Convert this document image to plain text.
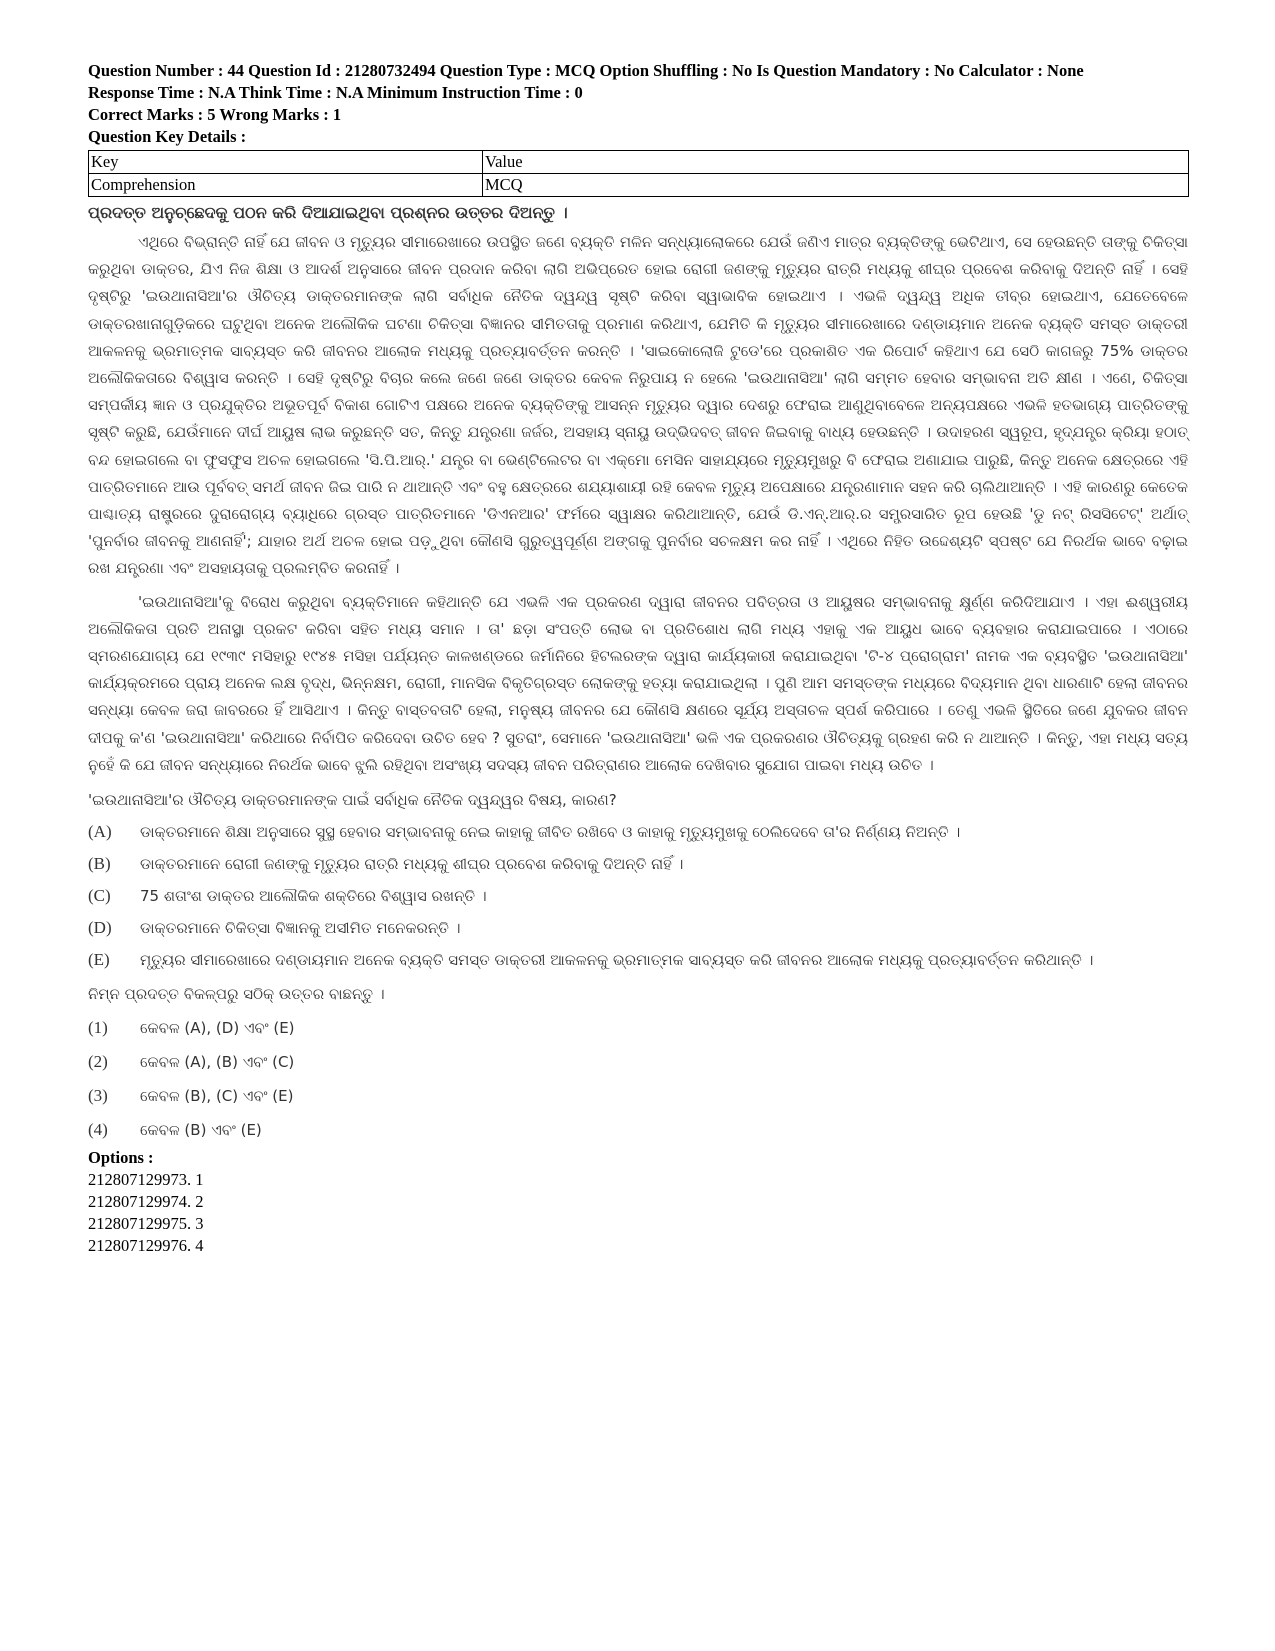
Question Number : 44 Question Id : 21280732494 Question Type : MCQ Option Shuffling : No Is Question Mandatory : No Calculator : None
Response Time : N.A Think Time : N.A Minimum Instruction Time : 0
Correct Marks : 5 Wrong Marks : 1
Question Key Details :
Key	Value
Comprehension	MCQ
ପ୍ରଦତ୍ତ ଅନୁଚ୍ଛେଦକୁ ପଠନ କରି ଦିଆଯାଇଥିବା ପ୍ରଶ୍ନର ଉତ୍ତର ଦିଅନ୍ତୁ ।

ଏଥିରେ ବିଭ୍ରାନ୍ତି ନାହିଁ ଯେ ଜୀବନ ଓ ମୃତ୍ୟୁର ସୀମାରେଖାରେ ଉପସ୍ଥିତ ଜଣେ ବ୍ୟକ୍ତି ମଳିନ ସନ୍ଧ୍ୟାଲୋକରେ ଯେଉଁ ଜଣିଏ ମାତ୍ର ବ୍ୟକ୍ତିଙ୍କୁ ଭେଟିଥାଏ, ସେ ହେଉଛନ୍ତି ତାଙ୍କୁ ଚିକିତ୍ସା କରୁଥିବା ଡାକ୍ତର, ଯିଏ ନିଜ ଶିକ୍ଷା ଓ ଆଦର୍ଶ ଅନୁସାରେ ଜୀବନ ପ୍ରଦାନ କରିବା ଲାଗି ଅଭିପ୍ରେତ ହୋଇ ରୋଗୀ ଜଣଙ୍କୁ ମୃତ୍ୟୁର ରାତ୍ରି ମଧ୍ୟକୁ ଶୀଘ୍ର ପ୍ରବେଶ କରିବାକୁ ଦିଅନ୍ତି ନାହିଁ । ସେହି ଦୃଷ୍ଟିରୁ 'ଇଉଥାନାସିଆ'ର ଔଚିତ୍ୟ ଡାକ୍ତରମାନଙ୍କ ଲାଗି ସର୍ବାଧିକ ନୈତିକ ଦ୍ୱନ୍ଦ୍ୱ ସୃଷ୍ଟି କରିବା ସ୍ୱାଭାବିକ ହୋଇଥାଏ । ଏଭଳି ଦ୍ୱନ୍ଦ୍ୱ ଅଧିକ ତୀବ୍ର ହୋଇଥାଏ, ଯେତେବେଳେ ଡାକ୍ତରଖାନାଗୁଡ଼ିକରେ ଘଟୁଥିବା ଅନେକ ଅଲୌକିକ ଘଟଣା ଚିକିତ୍ସା ବିଜ୍ଞାନର ସୀମିତତାକୁ ପ୍ରମାଣ କରିଥାଏ, ଯେମିତି କି ମୃତ୍ୟୁର ସୀମାରେଖାରେ ଦଣ୍ଡାୟମାନ ଅନେକ ବ୍ୟକ୍ତି ସମସ୍ତ ଡାକ୍ତରୀ ଆକଳନକୁ ଭ୍ରମାତ୍ମକ ସାବ୍ୟସ୍ତ କରି ଜୀବନର ଆଲୋକ ମଧ୍ୟକୁ ପ୍ରତ୍ୟାବର୍ତ୍ତନ କରନ୍ତି । 'ସାଇକୋଲୋଜି ଟୁଡେ'ରେ ପ୍ରକାଶିତ ଏକ ରିପୋର୍ଟ କହିଥାଏ ଯେ ସେଠି କାଗଜରୁ 75% ଡାକ୍ତର ଅଲୌକିକତାରେ ବିଶ୍ୱାସ କରନ୍ତି । ସେହି ଦୃଷ୍ଟିରୁ ବିଚାର କଲେ ଜଣେ ଜଣେ ଡାକ୍ତର କେବଳ ନିରୁପାୟ ନ ହେଲେ 'ଇଉଥାନାସିଆ' ଲାଗି ସମ୍ମତ ହେବାର ସମ୍ଭାବନା ଅତି କ୍ଷୀଣ । ଏଣେ, ଚିକିତ୍ସା ସମ୍ପର୍କୀୟ ଜ୍ଞାନ ଓ ପ୍ରଯୁକ୍ତିର ଅଭୂତପୂର୍ବ ବିକାଶ ଗୋଟିଏ ପକ୍ଷରେ ଅନେକ ବ୍ୟକ୍ତିଙ୍କୁ ଆସନ୍ନ ମୃତ୍ୟୁର ଦ୍ୱାର ଦେଶରୁ ଫେରାଇ ଆଣୁଥିବାବେଳେ ଅନ୍ୟପକ୍ଷରେ ଏଭଳି ହତଭାଗ୍ୟ ପାତ୍ରିତଙ୍କୁ ସୃଷ୍ଟି କରୁଛି, ଯେଉଁମାନେ ଦୀର୍ଘ ଆୟୁଷ ଲାଭ କରୁଛନ୍ତି ସତ, କିନ୍ତୁ ଯନ୍ତ୍ରଣା ଜର୍ଜର, ଅସହାୟ ସ୍ନାୟୁ ଉଦ୍ଭିଦବତ୍ ଜୀବନ ଜିଇବାକୁ ବାଧ୍ୟ ହେଉଛନ୍ତି । ଉଦାହରଣ ସ୍ୱରୂପ, ହୃଦ୍‌ଯନ୍ତ୍ର କ୍ରିୟା ହଠାତ୍ ବନ୍ଦ ହୋଇଗଲେ ବା ଫୁସଫୁସ ଅଚଳ ହୋଇଗଲେ 'ସି.ପି.ଆର୍.' ଯନ୍ତ୍ର ବା ଭେଣ୍ଟିଲେଟର ବା ଏକ୍‌ମୋ ମେସିନ ସାହାଯ୍ୟରେ ମୃତ୍ୟୁମୁଖରୁ ବି ଫେରାଇ ଅଣାଯାଇ ପାରୁଛି, କିନ୍ତୁ ଅନେକ କ୍ଷେତ୍ରରେ ଏହି ପାତ୍ରିତମାନେ ଆଉ ପୂର୍ବବତ୍ ସମର୍ଥ ଜୀବନ ଜିଇ ପାରି ନ ଥାଆନ୍ତି ଏବଂ ବହୁ କ୍ଷେତ୍ରରେ ଶଯ୍ୟାଶାୟୀ ରହି କେବଳ ମୃତ୍ୟୁ ଅପେକ୍ଷାରେ ଯନ୍ତ୍ରଣାମାନ ସହନ କରି ଚାଲିଥାଆନ୍ତି । ଏହି କାରଣରୁ କେତେକ ପାଶ୍ଚାତ୍ୟ ରାଷ୍ଟ୍ରରେ ଦୁରାରୋଗ୍ୟ ବ୍ୟାଧିରେ ଗ୍ରସ୍ତ ପାତ୍ରିତମାନେ 'ଡିଏନଆର' ଫର୍ମରେ ସ୍ୱାକ୍ଷର କରିଥାଆନ୍ତି, ଯେଉଁ ଡି.ଏନ୍.ଆର୍.ର ସମ୍ପ୍ରସାରିତ ରୂପ ହେଉଛି 'ଡୁ ନଟ୍ ରିସସିଟେଟ୍' ଅର୍ଥାତ୍ 'ପୁନର୍ବାର ଜୀବନକୁ ଆଣନାହିଁ'; ଯାହାର ଅର୍ଥ ଅଚଳ ହୋଇ ପଡ଼ୁଥିବା କୌଣସି ଗୁରୁତ୍ୱପୂର୍ଣ୍ଣ ଅଙ୍ଗକୁ ପୁନର୍ବାର ସଚଳକ୍ଷମ କର ନାହିଁ । ଏଥିରେ ନିହିତ ଉଦ୍ଦେଶ୍ୟଟି ସ୍ପଷ୍ଟ ଯେ ନିରର୍ଥକ ଭାବେ ବଢ଼ାଇ ରଖ ଯନ୍ତ୍ରଣା ଏବଂ ଅସହାୟତାକୁ ପ୍ରଲମ୍ବିତ କରନାହିଁ ।

'ଇଉଥାନାସିଆ'କୁ ବିରୋଧ କରୁଥିବା ବ୍ୟକ୍ତିମାନେ କହିଥାନ୍ତି ଯେ ଏଭଳି ଏକ ପ୍ରକରଣ ଦ୍ୱାରା ଜୀବନର ପବିତ୍ରତା ଓ ଆୟୁଷର ସମ୍ଭାବନାକୁ କ୍ଷୁର୍ଣ୍ଣ କରିଦିଆଯାଏ । ଏହା ଈଶ୍ୱରୀୟ ଅଲୌକିକତା ପ୍ରତି ଅନାସ୍ଥା ପ୍ରକଟ କରିବା ସହିତ ମଧ୍ୟ ସମାନ । ତା' ଛଡ଼ା ସଂପତ୍ତି ଲୋଭ ବା ପ୍ରତିଶୋଧ ଲାଗି ମଧ୍ୟ ଏହାକୁ ଏକ ଆୟୁଧ ଭାବେ ବ୍ୟବହାର କରାଯାଇପାରେ । ଏଠାରେ ସ୍ମରଣଯୋଗ୍ୟ ଯେ ୧୯୩୯ ମସିହାରୁ ୧୯୪୫ ମସିହା ପର୍ଯ୍ୟନ୍ତ କାଳଖଣ୍ଡରେ ଜର୍ମାନିରେ ହିଟଲରଙ୍କ ଦ୍ୱାରା କାର୍ଯ୍ୟକାରୀ କରାଯାଇଥିବା 'ଟି-୪ ପ୍ରୋଗ୍ରାମ' ନାମକ ଏକ ବ୍ୟବସ୍ଥିତ 'ଇଉଥାନାସିଆ' କାର୍ଯ୍ୟକ୍ରମରେ ପ୍ରାୟ ଅନେକ ଲକ୍ଷ ବୃଦ୍ଧ, ଭିନ୍ନକ୍ଷମ, ରୋଗୀ, ମାନସିକ ବିକୃତିଗ୍ରସ୍ତ ଲୋକଙ୍କୁ ହତ୍ୟା କରାଯାଇଥିଲା । ପୁଣି ଆମ ସମସ୍ତଙ୍କ ମଧ୍ୟରେ ବିଦ୍ୟମାନ ଥିବା ଧାରଣାଟି ହେଲା ଜୀବନର ସନ୍ଧ୍ୟା କେବଳ ଜରା ଜାବରରେ ହିଁ ଆସିଥାଏ । କିନ୍ତୁ ବାସ୍ତବତାଟି ହେଲା, ମନୁଷ୍ୟ ଜୀବନର ଯେ କୌଣସି କ୍ଷଣରେ ସୂର୍ଯ୍ୟ ଅସ୍ତାଚଳ ସ୍ପର୍ଶ କରିପାରେ । ତେଣୁ ଏଭଳି ସ୍ଥିତିରେ ଜଣେ ଯୁବକର ଜୀବନ ଦୀପକୁ କ'ଣ 'ଇଉଥାନାସିଆ' କରିଥାରେ ନିର୍ବାପିତ କରିଦେବା ଉଚିତ ହେବ ? ସୁତରାଂ, ସେମାନେ 'ଇଉଥାନାସିଆ' ଭଳି ଏକ ପ୍ରକରଣର ଔଚିତ୍ୟକୁ ଗ୍ରହଣ କରି ନ ଥାଆନ୍ତି । କିନ୍ତୁ, ଏହା ମଧ୍ୟ ସତ୍ୟ ନୁହେଁ କି ଯେ ଜୀବନ ସନ୍ଧ୍ୟାରେ ନିରର୍ଥକ ଭାବେ ଝୁଲି ରହିଥିବା ଅସଂଖ୍ୟ ସଦସ୍ୟ ଜୀବନ ପରିତ୍ରାଣର ଆଲୋକ ଦେଖିବାର ସୁଯୋଗ ପାଇବା ମଧ୍ୟ ଉଚିତ ।

'ଇଉଥାନାସିଆ'ର ଔଚିତ୍ୟ ଡାକ୍ତରମାନଙ୍କ ପାଇଁ ସର୍ବାଧିକ ନୈତିକ ଦ୍ୱନ୍ଦ୍ୱର ବିଷୟ, କାରଣ?
(A)	ଡାକ୍ତରମାନେ ଶିକ୍ଷା ଅନୁସାରେ ସୁସ୍ଥ ହେବାର ସମ୍ଭାବନାକୁ ନେଇ କାହାକୁ ଜୀବିତ ରଖିବେ ଓ କାହାକୁ ମୃତ୍ୟୁମୁଖକୁ ଠେଲିଦେବେ ତା'ର ନିର୍ଣ୍ଣୟ ନିଅନ୍ତି ।
(B)	ଡାକ୍ତରମାନେ ରୋଗୀ ଜଣଙ୍କୁ ମୃତ୍ୟୁର ରାତ୍ରି ମଧ୍ୟକୁ ଶୀଘ୍ର ପ୍ରବେଶ କରିବାକୁ ଦିଅନ୍ତି ନାହିଁ ।
(C)	75 ଶତାଂଶ ଡାକ୍ତର ଆଲୌକିକ ଶକ୍ତିରେ ବିଶ୍ୱାସ ରଖନ୍ତି ।
(D)	ଡାକ୍ତରମାନେ ଚିକିତ୍ସା ବିଜ୍ଞାନକୁ ଅସୀମିତ ମନେକରନ୍ତି ।
(E)	ମୃତ୍ୟୁର ସୀମାରେଖାରେ ଦଣ୍ଡାୟମାନ ଅନେକ ବ୍ୟକ୍ତି ସମସ୍ତ ଡାକ୍ତରୀ ଆକଳନକୁ ଭ୍ରମାତ୍ମକ ସାବ୍ୟସ୍ତ କରି ଜୀବନର ଆଲୋକ ମଧ୍ୟକୁ ପ୍ରତ୍ୟାବର୍ତ୍ତନ କରିଥାନ୍ତି ।
ନିମ୍ନ ପ୍ରଦତ୍ତ ବିକଳ୍ପରୁ ସଠିକ୍ ଉତ୍ତର ବାଛନ୍ତୁ ।
(1)	କେବଳ (A), (D) ଏବଂ (E)
(2)	କେବଳ (A), (B) ଏବଂ (C)
(3)	କେବଳ (B), (C) ଏବଂ (E)
(4)	କେବଳ (B) ଏବଂ (E)
Options :
212807129973. 1
212807129974. 2
212807129975. 3
212807129976. 4
